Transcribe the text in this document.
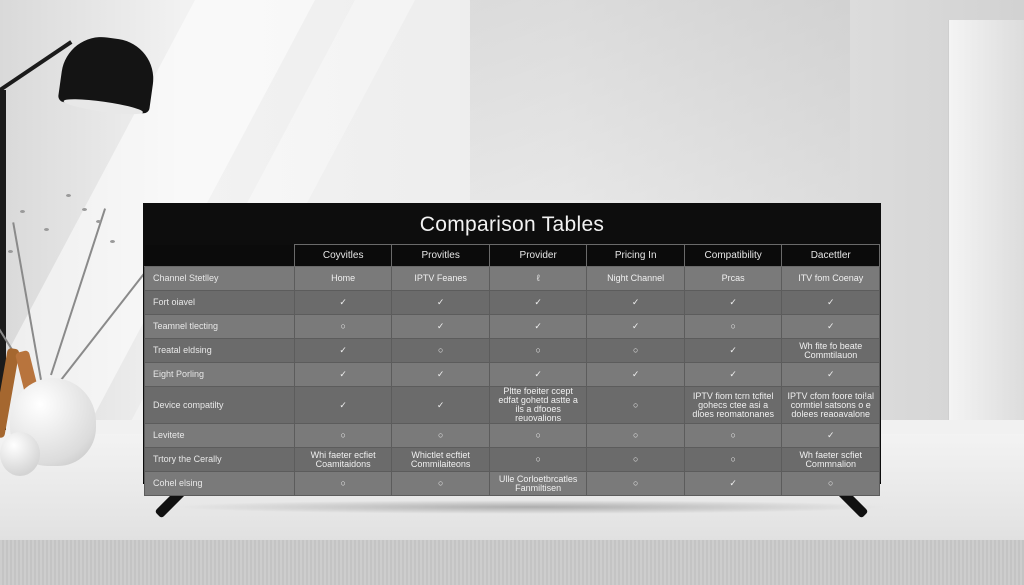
Comparison Tables
	Coyvitles	Provitles	Provider	Pricing In	Compatibility	Dacettler
Channel Stetlley	Home	IPTV Feanes	ℓ	Night Channel	Prcas	ITV fom Coenay
Fort oiavel	✓	✓	✓	✓	✓	✓
Teamnel tlecting	○	✓	✓	✓	○	✓
Treatal eldsing	✓	○	○	○	✓	Wh fite fo beate Commtilauon
Eight Porling	✓	✓	✓	✓	✓	✓
Device compatilty	✓	✓	Pltte foeiter ccept edfat gohetd astte a ils a dfooes reuovalions	○	IPTV fiom tcrn tcfitel gohecs ctee asi a dloes reomatonanes	IPTV cfom foore toi!al cormtiel satsons o e dolees reaoavalone
Levitete	○	○	○	○	○	✓
Trtory the Cerally	Whi faeter ecfiet Coamitaidons	Whictlet ecftiet Commilaiteons	○	○	○	Wh faeter scfiet Commnalion
Cohel elsing	○	○	Ulle Corloetbrcatles Fanmiltisen	○	✓	○
